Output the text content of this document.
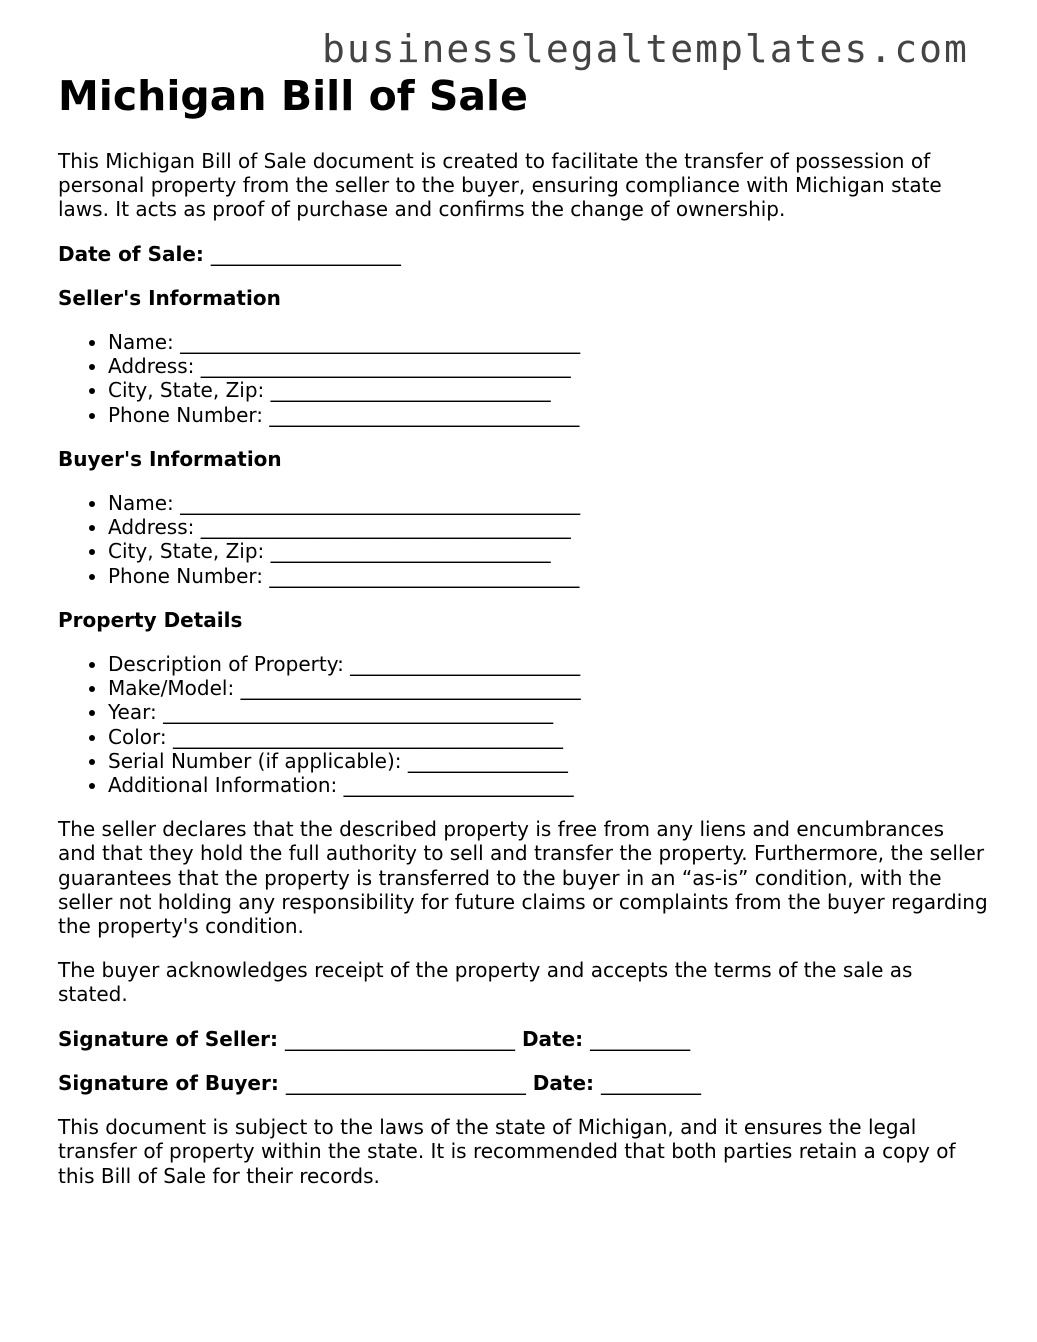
businesslegaltemplates.com
Michigan Bill of Sale

This Michigan Bill of Sale document is created to facilitate the transfer of possession of personal property from the seller to the buyer, ensuring compliance with Michigan state laws. It acts as proof of purchase and confirms the change of ownership.

Date of Sale: ___________________
Seller's Information
Name: ________________________________________
Address: _____________________________________
City, State, Zip: ____________________________
Phone Number: _______________________________
Buyer's Information
Name: ________________________________________
Address: _____________________________________
City, State, Zip: ____________________________
Phone Number: _______________________________
Property Details
Description of Property: _______________________
Make/Model: __________________________________
Year: _______________________________________
Color: _______________________________________
Serial Number (if applicable): ________________
Additional Information: _______________________

The seller declares that the described property is free from any liens and encumbrances and that they hold the full authority to sell and transfer the property. Furthermore, the seller guarantees that the property is transferred to the buyer in an “as-is” condition, with the seller not holding any responsibility for future claims or complaints from the buyer regarding the property's condition.

The buyer acknowledges receipt of the property and accepts the terms of the sale as stated.

Signature of Seller: _______________________ Date: __________
Signature of Buyer: ________________________ Date: __________

This document is subject to the laws of the state of Michigan, and it ensures the legal transfer of property within the state. It is recommended that both parties retain a copy of this Bill of Sale for their records.
